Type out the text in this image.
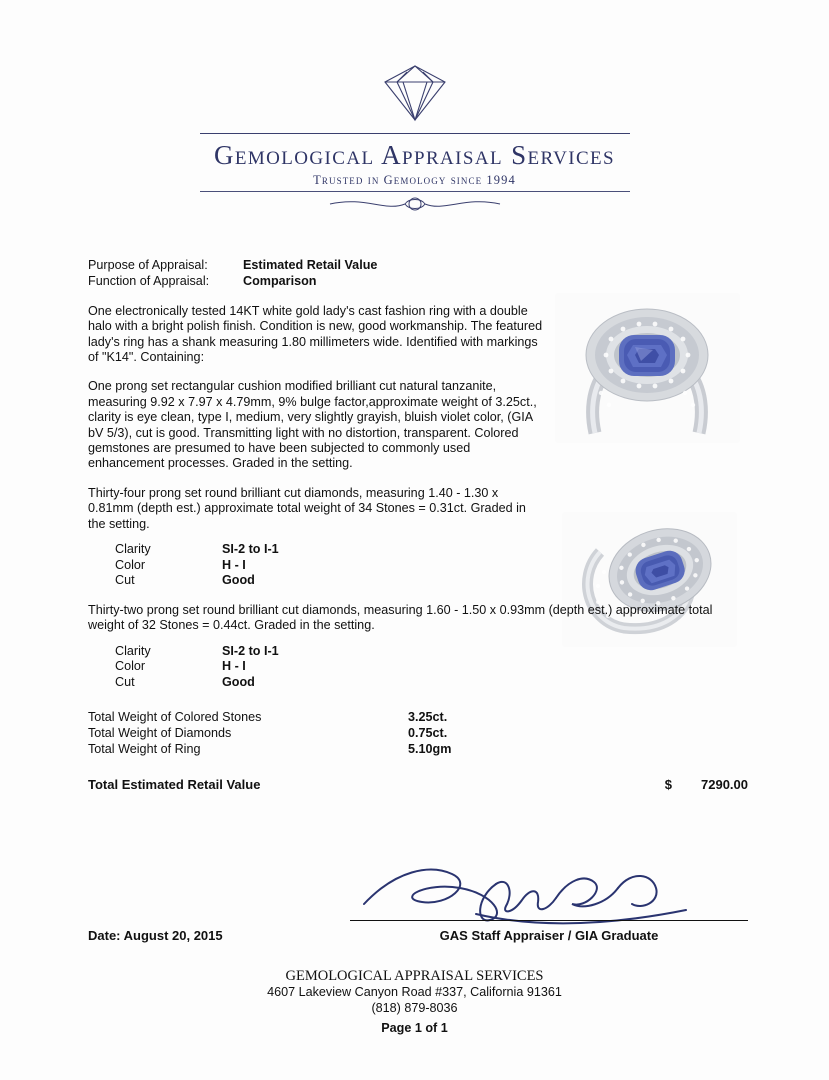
Gemological Appraisal Services
Trusted in Gemology since 1994
Purpose of Appraisal:	Estimated Retail Value
Function of Appraisal:	Comparison
One electronically tested 14KT white gold lady's cast fashion ring with a double halo with a bright polish finish. Condition is new, good workmanship. The featured lady's ring has a shank measuring 1.80 millimeters wide. Identified with markings of "K14". Containing:
One prong set rectangular cushion modified brilliant cut natural tanzanite, measuring 9.92 x 7.97 x 4.79mm, 9% bulge factor,approximate weight of 3.25ct., clarity is eye clean, type I, medium, very slightly grayish, bluish violet color, (GIA bV 5/3), cut is good. Transmitting light with no distortion, transparent. Colored gemstones are presumed to have been subjected to commonly used enhancement processes. Graded in the setting.
Thirty-four prong set round brilliant cut diamonds, measuring 1.40 - 1.30 x 0.81mm (depth est.) approximate total weight of 34 Stones = 0.31ct. Graded in the setting.
Clarity	SI-2 to I-1
Color	H - I
Cut	Good
Thirty-two prong set round brilliant cut diamonds, measuring 1.60 - 1.50 x 0.93mm (depth est.) approximate total weight of 32 Stones = 0.44ct. Graded in the setting.
Clarity	SI-2 to I-1
Color	H - I
Cut	Good
Total Weight of Colored Stones	3.25ct.
Total Weight of Diamonds	0.75ct.
Total Weight of Ring	5.10gm
Total Estimated Retail Value	$	7290.00
Date: August 20, 2015	GAS Staff Appraiser / GIA Graduate
GEMOLOGICAL APPRAISAL SERVICES
4607 Lakeview Canyon Road #337, California 91361
(818) 879-8036
Page 1 of 1
